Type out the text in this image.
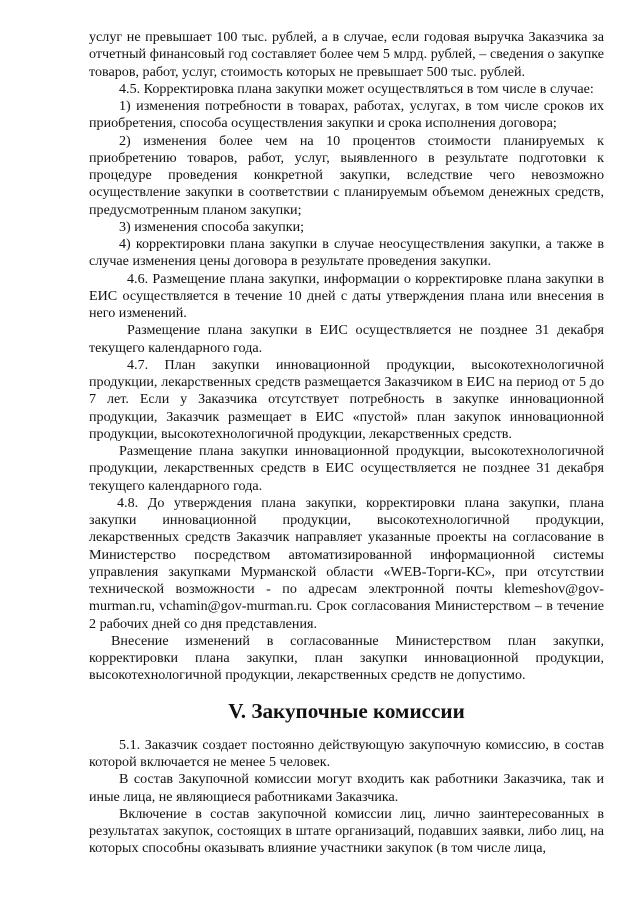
услуг не превышает 100 тыс. рублей, а в случае, если годовая выручка Заказчика за отчетный финансовый год составляет более чем 5 млрд. рублей, – сведения о закупке товаров, работ, услуг, стоимость которых не превышает 500 тыс. рублей.

4.5. Корректировка плана закупки может осуществляться в том числе в случае:

1) изменения потребности в товарах, работах, услугах, в том числе сроков их приобретения, способа осуществления закупки и срока исполнения договора;

2) изменения более чем на 10 процентов стоимости планируемых к приобретению товаров, работ, услуг, выявленного в результате подготовки к процедуре проведения конкретной закупки, вследствие чего невозможно осуществление закупки в соответствии с планируемым объемом денежных средств, предусмотренным планом закупки;

3) изменения способа закупки;

4) корректировки плана закупки в случае неосуществления закупки, а также в случае изменения цены договора в результате проведения закупки.

4.6. Размещение плана закупки, информации о корректировке плана закупки в ЕИС осуществляется в течение 10 дней с даты утверждения плана или внесения в него изменений.

Размещение плана закупки в ЕИС осуществляется не позднее 31 декабря текущего календарного года.

4.7. План закупки инновационной продукции, высокотехнологичной продукции, лекарственных средств размещается Заказчиком в ЕИС на период от 5 до 7 лет. Если у Заказчика отсутствует потребность в закупке инновационной продукции, Заказчик размещает в ЕИС «пустой» план закупок инновационной продукции, высокотехнологичной продукции, лекарственных средств.

Размещение плана закупки инновационной продукции, высокотехнологичной продукции, лекарственных средств в ЕИС осуществляется не позднее 31 декабря текущего календарного года.

4.8. До утверждения плана закупки, корректировки плана закупки, плана закупки инновационной продукции, высокотехнологичной продукции, лекарственных средств Заказчик направляет указанные проекты на согласование в Министерство посредством автоматизированной информационной системы управления закупками Мурманской области «WEB-Торги-КС», при отсутствии технической возможности - по адресам электронной почты klemeshov@gov-murman.ru, vchamin@gov-murman.ru. Срок согласования Министерством – в течение 2 рабочих дней со дня представления.

Внесение изменений в согласованные Министерством план закупки, корректировки плана закупки, план закупки инновационной продукции, высокотехнологичной продукции, лекарственных средств не допустимо.

V. Закупочные комиссии

5.1. Заказчик создает постоянно действующую закупочную комиссию, в состав которой включается не менее 5 человек.

В состав Закупочной комиссии могут входить как работники Заказчика, так и иные лица, не являющиеся работниками Заказчика.

Включение в состав закупочной комиссии лиц, лично заинтересованных в результатах закупок, состоящих в штате организаций, подавших заявки, либо лиц, на которых способны оказывать влияние участники закупок (в том числе лица,
